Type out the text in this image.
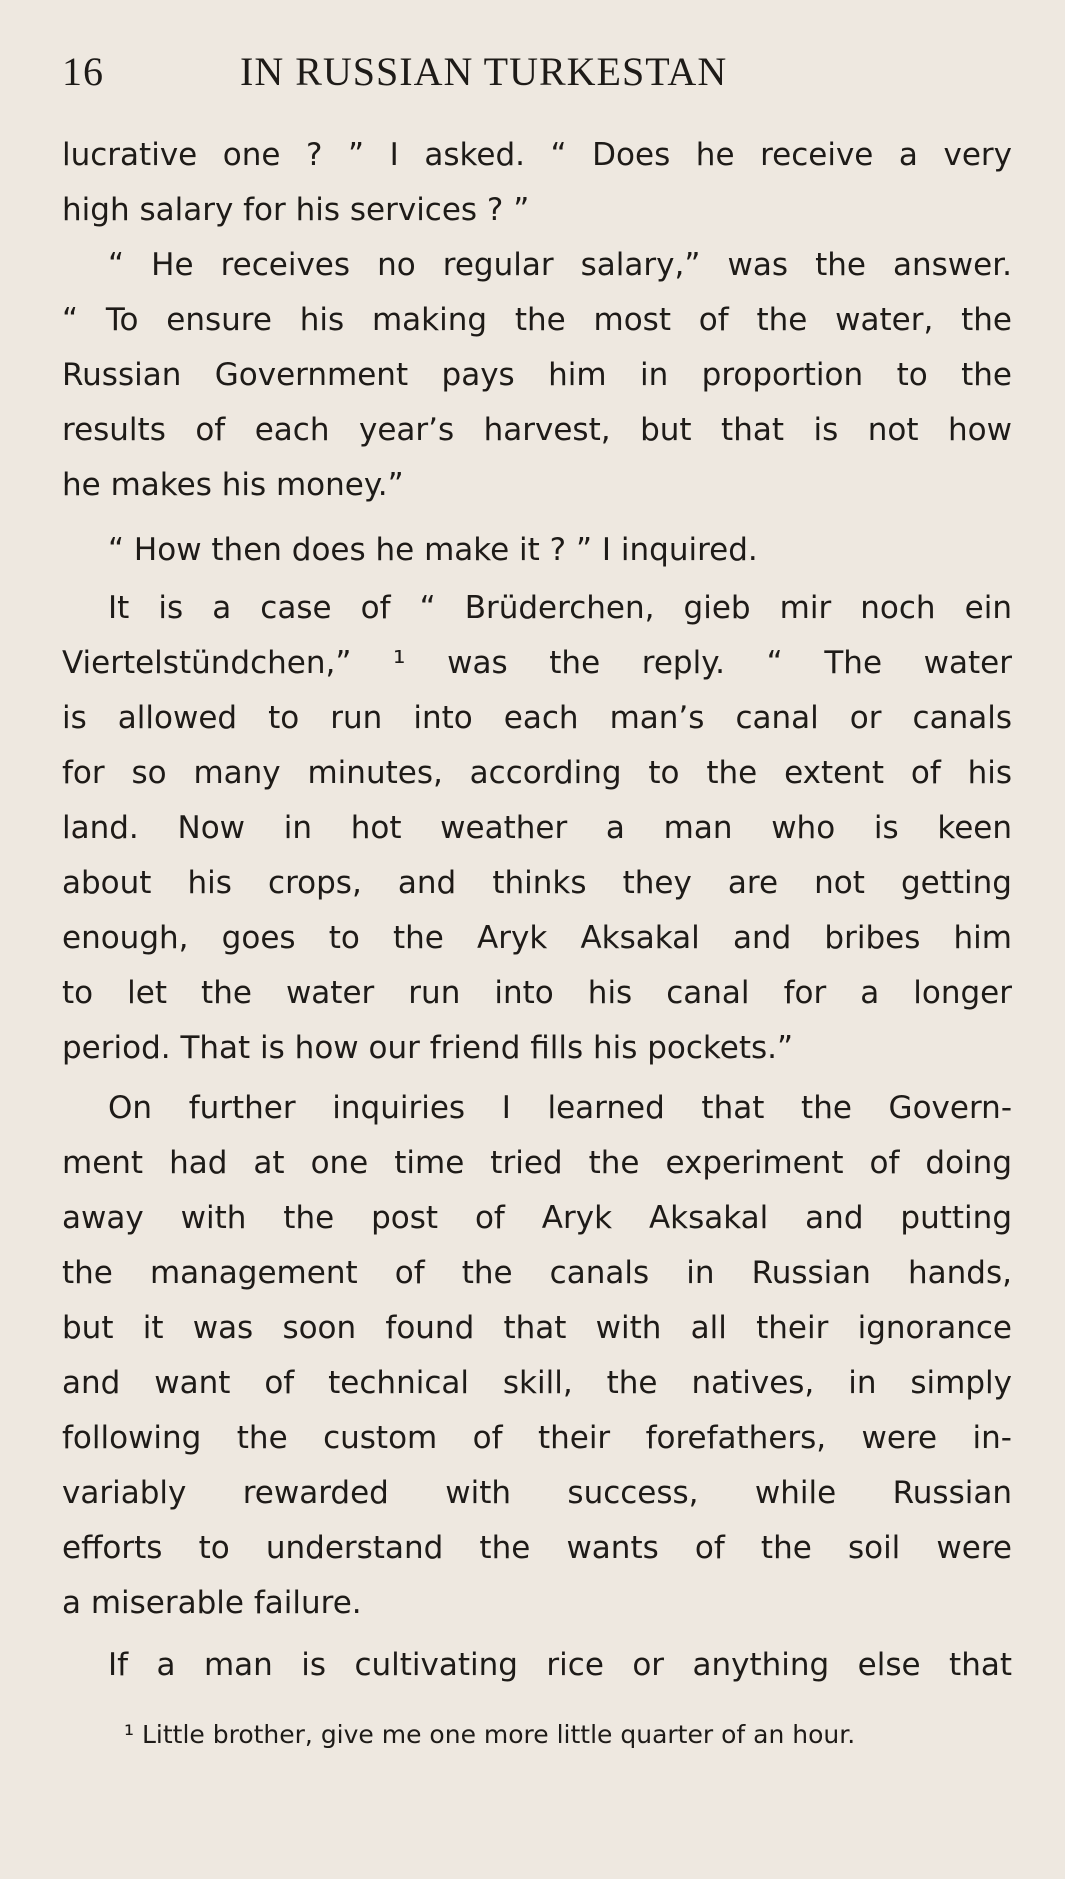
16	IN RUSSIAN TURKESTAN
lucrative one ? ” I asked. “ Does he receive a very
high salary for his services ? ”
“ He receives no regular salary,” was the answer.
“ To ensure his making the most of the water, the
Russian Government pays him in proportion to the
results of each year’s harvest, but that is not how
he makes his money.”
“ How then does he make it ? ” I inquired.
It is a case of “ Brüderchen, gieb mir noch ein
Viertelstündchen,” ¹ was the reply. “ The water
is allowed to run into each man’s canal or canals
for so many minutes, according to the extent of his
land. Now in hot weather a man who is keen
about his crops, and thinks they are not getting
enough, goes to the Aryk Aksakal and bribes him
to let the water run into his canal for a longer
period. That is how our friend fills his pockets.”
On further inquiries I learned that the Govern-
ment had at one time tried the experiment of doing
away with the post of Aryk Aksakal and putting
the management of the canals in Russian hands,
but it was soon found that with all their ignorance
and want of technical skill, the natives, in simply
following the custom of their forefathers, were in-
variably rewarded with success, while Russian
efforts to understand the wants of the soil were
a miserable failure.
If a man is cultivating rice or anything else that
¹ Little brother, give me one more little quarter of an hour.
